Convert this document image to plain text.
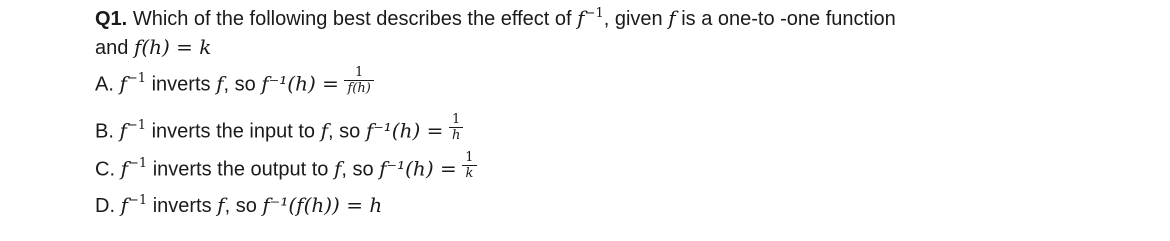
Q1. Which of the following best describes the effect of $f^{-1}$, given f is a one-to -one function
and f(h) = k
A. $f^{-1}$ inverts f, so $f^{-1}(h) = \frac{1}{f(h)}$
B. $f^{-1}$ inverts the input to f, so $f^{-1}(h) = \frac{1}{h}$
C. $f^{-1}$ inverts the output to f, so $f^{-1}(h) = \frac{1}{k}$
D. $f^{-1}$ inverts f, so f⁻¹(f(h)) = h
